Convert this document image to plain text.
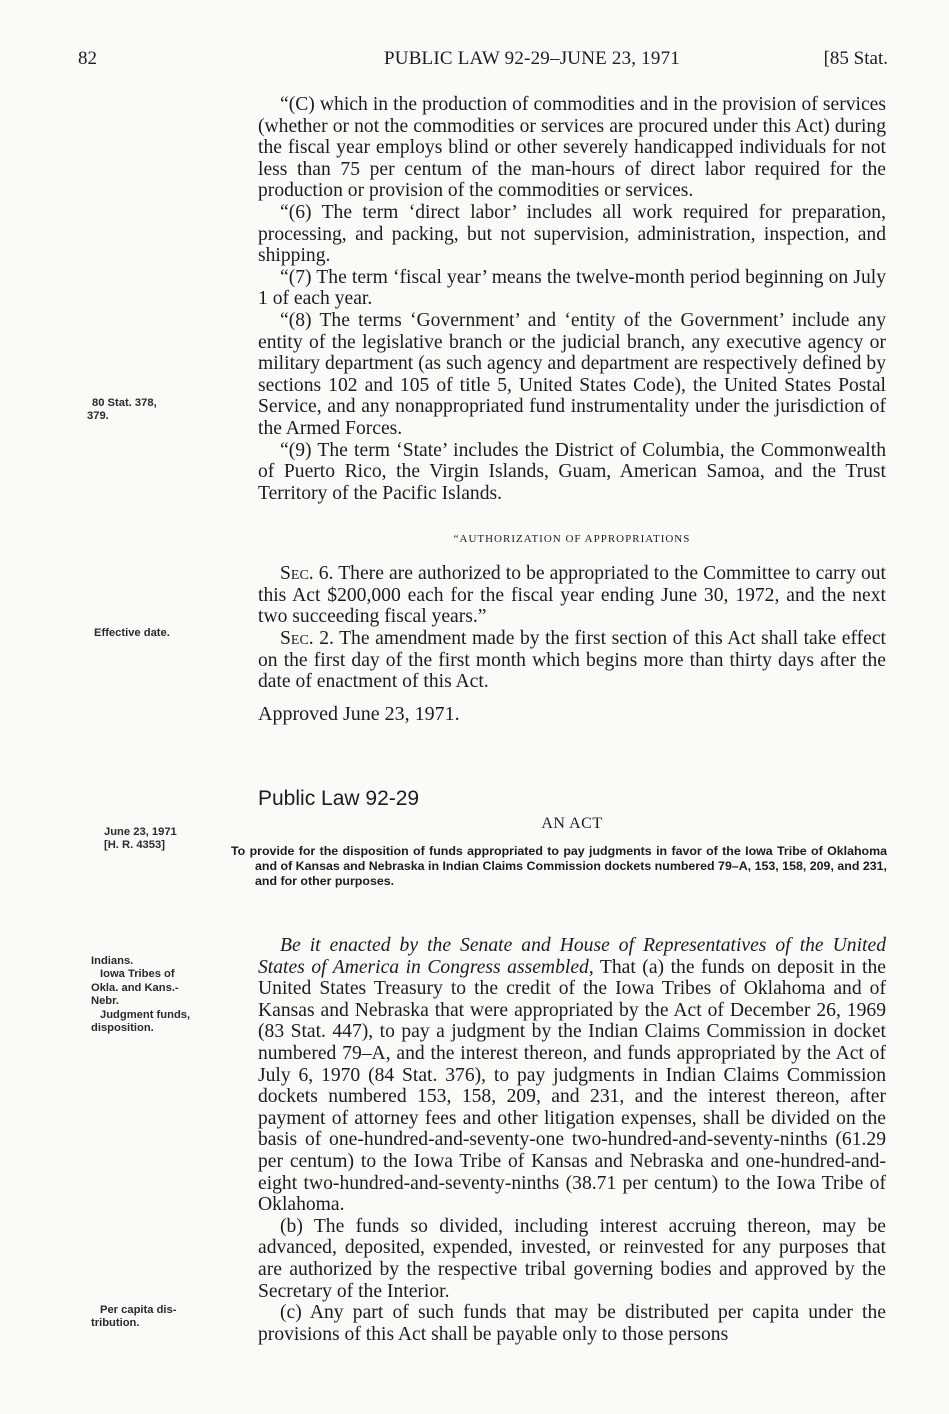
82	PUBLIC LAW 92-29–JUNE 23, 1971	[85 Stat.

“(C) which in the production of commodities and in the provision of services (whether or not the commodities or services are procured under this Act) during the fiscal year employs blind or other severely handicapped individuals for not less than 75 per centum of the man-hours of direct labor required for the production or provision of the commodities or services.

“(6) The term ‘direct labor’ includes all work required for preparation, processing, and packing, but not supervision, administration, inspection, and shipping.

“(7) The term ‘fiscal year’ means the twelve-month period beginning on July 1 of each year.

“(8) The terms ‘Government’ and ‘entity of the Government’ include any entity of the legislative branch or the judicial branch, any executive agency or military department (as such agency and department are respectively defined by sections 102 and 105 of title 5, United States Code), the United States Postal Service, and any nonappropriated fund instrumentality under the jurisdiction of the Armed Forces.

“(9) The term ‘State’ includes the District of Columbia, the Commonwealth of Puerto Rico, the Virgin Islands, Guam, American Samoa, and the Trust Territory of the Pacific Islands.

“AUTHORIZATION OF APPROPRIATIONS

Sec. 6. There are authorized to be appropriated to the Committee to carry out this Act $200,000 each for the fiscal year ending June 30, 1972, and the next two succeeding fiscal years.”

Sec. 2. The amendment made by the first section of this Act shall take effect on the first day of the first month which begins more than thirty days after the date of enactment of this Act.

Approved June 23, 1971.
Public Law 92-29
AN ACT
To provide for the disposition of funds appropriated to pay judgments in favor of the Iowa Tribe of Oklahoma and of Kansas and Nebraska in Indian Claims Commission dockets numbered 79–A, 153, 158, 209, and 231, and for other purposes.

Be it enacted by the Senate and House of Representatives of the United States of America in Congress assembled, That (a) the funds on deposit in the United States Treasury to the credit of the Iowa Tribes of Oklahoma and of Kansas and Nebraska that were appropriated by the Act of December 26, 1969 (83 Stat. 447), to pay a judgment by the Indian Claims Commission in docket numbered 79–A, and the interest thereon, and funds appropriated by the Act of July 6, 1970 (84 Stat. 376), to pay judgments in Indian Claims Commission dockets numbered 153, 158, 209, and 231, and the interest thereon, after payment of attorney fees and other litigation expenses, shall be divided on the basis of one-hundred-and-seventy-one two-hundred-and-seventy-ninths (61.29 per centum) to the Iowa Tribe of Kansas and Nebraska and one-hundred-and-eight two-hundred-and-seventy-ninths (38.71 per centum) to the Iowa Tribe of Oklahoma.

(b) The funds so divided, including interest accruing thereon, may be advanced, deposited, expended, invested, or reinvested for any purposes that are authorized by the respective tribal governing bodies and approved by the Secretary of the Interior.

(c) Any part of such funds that may be distributed per capita under the provisions of this Act shall be payable only to those persons

80 Stat. 378,
379.
Effective date.
June 23, 1971
[H. R. 4353]
Indians.
Iowa Tribes of
Okla. and Kans.-
Nebr.
Judgment funds,
disposition.
Per capita dis-
tribution.
